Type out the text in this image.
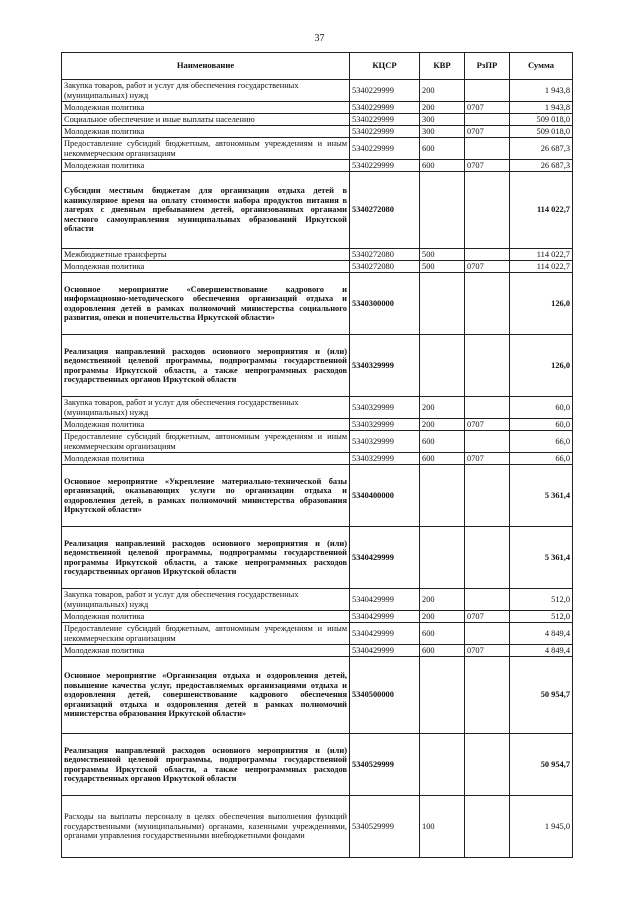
37
Наименование	КЦСР	КВР	РзПР	Сумма
Закупка товаров, работ и услуг для обеспечения государственных (муниципальных) нужд	5340229999	200		1 943,8
Молодежная политика	5340229999	200	0707	1 943,8
Социальное обеспечение и иные выплаты населению	5340229999	300		509 018,0
Молодежная политика	5340229999	300	0707	509 018,0
Предоставление субсидий бюджетным, автономным учреждениям и иным некоммерческим организациям	5340229999	600		26 687,3
Молодежная политика	5340229999	600	0707	26 687,3
Субсидии местным бюджетам для организации отдыха детей в каникулярное время на оплату стоимости набора продуктов питания в лагерях с дневным пребыванием детей, организованных органами местного самоуправления муниципальных образований Иркутской области	5340272080			114 022,7
Межбюджетные трансферты	5340272080	500		114 022,7
Молодежная политика	5340272080	500	0707	114 022,7
Основное мероприятие «Совершенствование кадрового и информационно-методического обеспечения организаций отдыха и оздоровления детей в рамках полномочий министерства социального развития, опеки и попечительства Иркутской области»	5340300000			126,0
Реализация направлений расходов основного мероприятия и (или) ведомственной целевой программы, подпрограммы государственной программы Иркутской области, а также непрограммных расходов государственных органов Иркутской области	5340329999			126,0
Закупка товаров, работ и услуг для обеспечения государственных (муниципальных) нужд	5340329999	200		60,0
Молодежная политика	5340329999	200	0707	60,0
Предоставление субсидий бюджетным, автономным учреждениям и иным некоммерческим организациям	5340329999	600		66,0
Молодежная политика	5340329999	600	0707	66,0
Основное мероприятие «Укрепление материально-технической базы организаций, оказывающих услуги по организации отдыха и оздоровления детей, в рамках полномочий министерства образования Иркутской области»	5340400000			5 361,4
Реализация направлений расходов основного мероприятия и (или) ведомственной целевой программы, подпрограммы государственной программы Иркутской области, а также непрограммных расходов государственных органов Иркутской области	5340429999			5 361,4
Закупка товаров, работ и услуг для обеспечения государственных (муниципальных) нужд	5340429999	200		512,0
Молодежная политика	5340429999	200	0707	512,0
Предоставление субсидий бюджетным, автономным учреждениям и иным некоммерческим организациям	5340429999	600		4 849,4
Молодежная политика	5340429999	600	0707	4 849,4
Основное мероприятие «Организация отдыха и оздоровления детей, повышение качества услуг, предоставляемых организациями отдыха и оздоровления детей, совершенствование кадрового обеспечения организаций отдыха и оздоровления детей в рамках полномочий министерства образования Иркутской области»	5340500000			50 954,7
Реализация направлений расходов основного мероприятия и (или) ведомственной целевой программы, подпрограммы государственной программы Иркутской области, а также непрограммных расходов государственных органов Иркутской области	5340529999			50 954,7
Расходы на выплаты персоналу в целях обеспечения выполнения функций государственными (муниципальными) органами, казенными учреждениями, органами управления государственными внебюджетными фондами	5340529999	100		1 945,0
